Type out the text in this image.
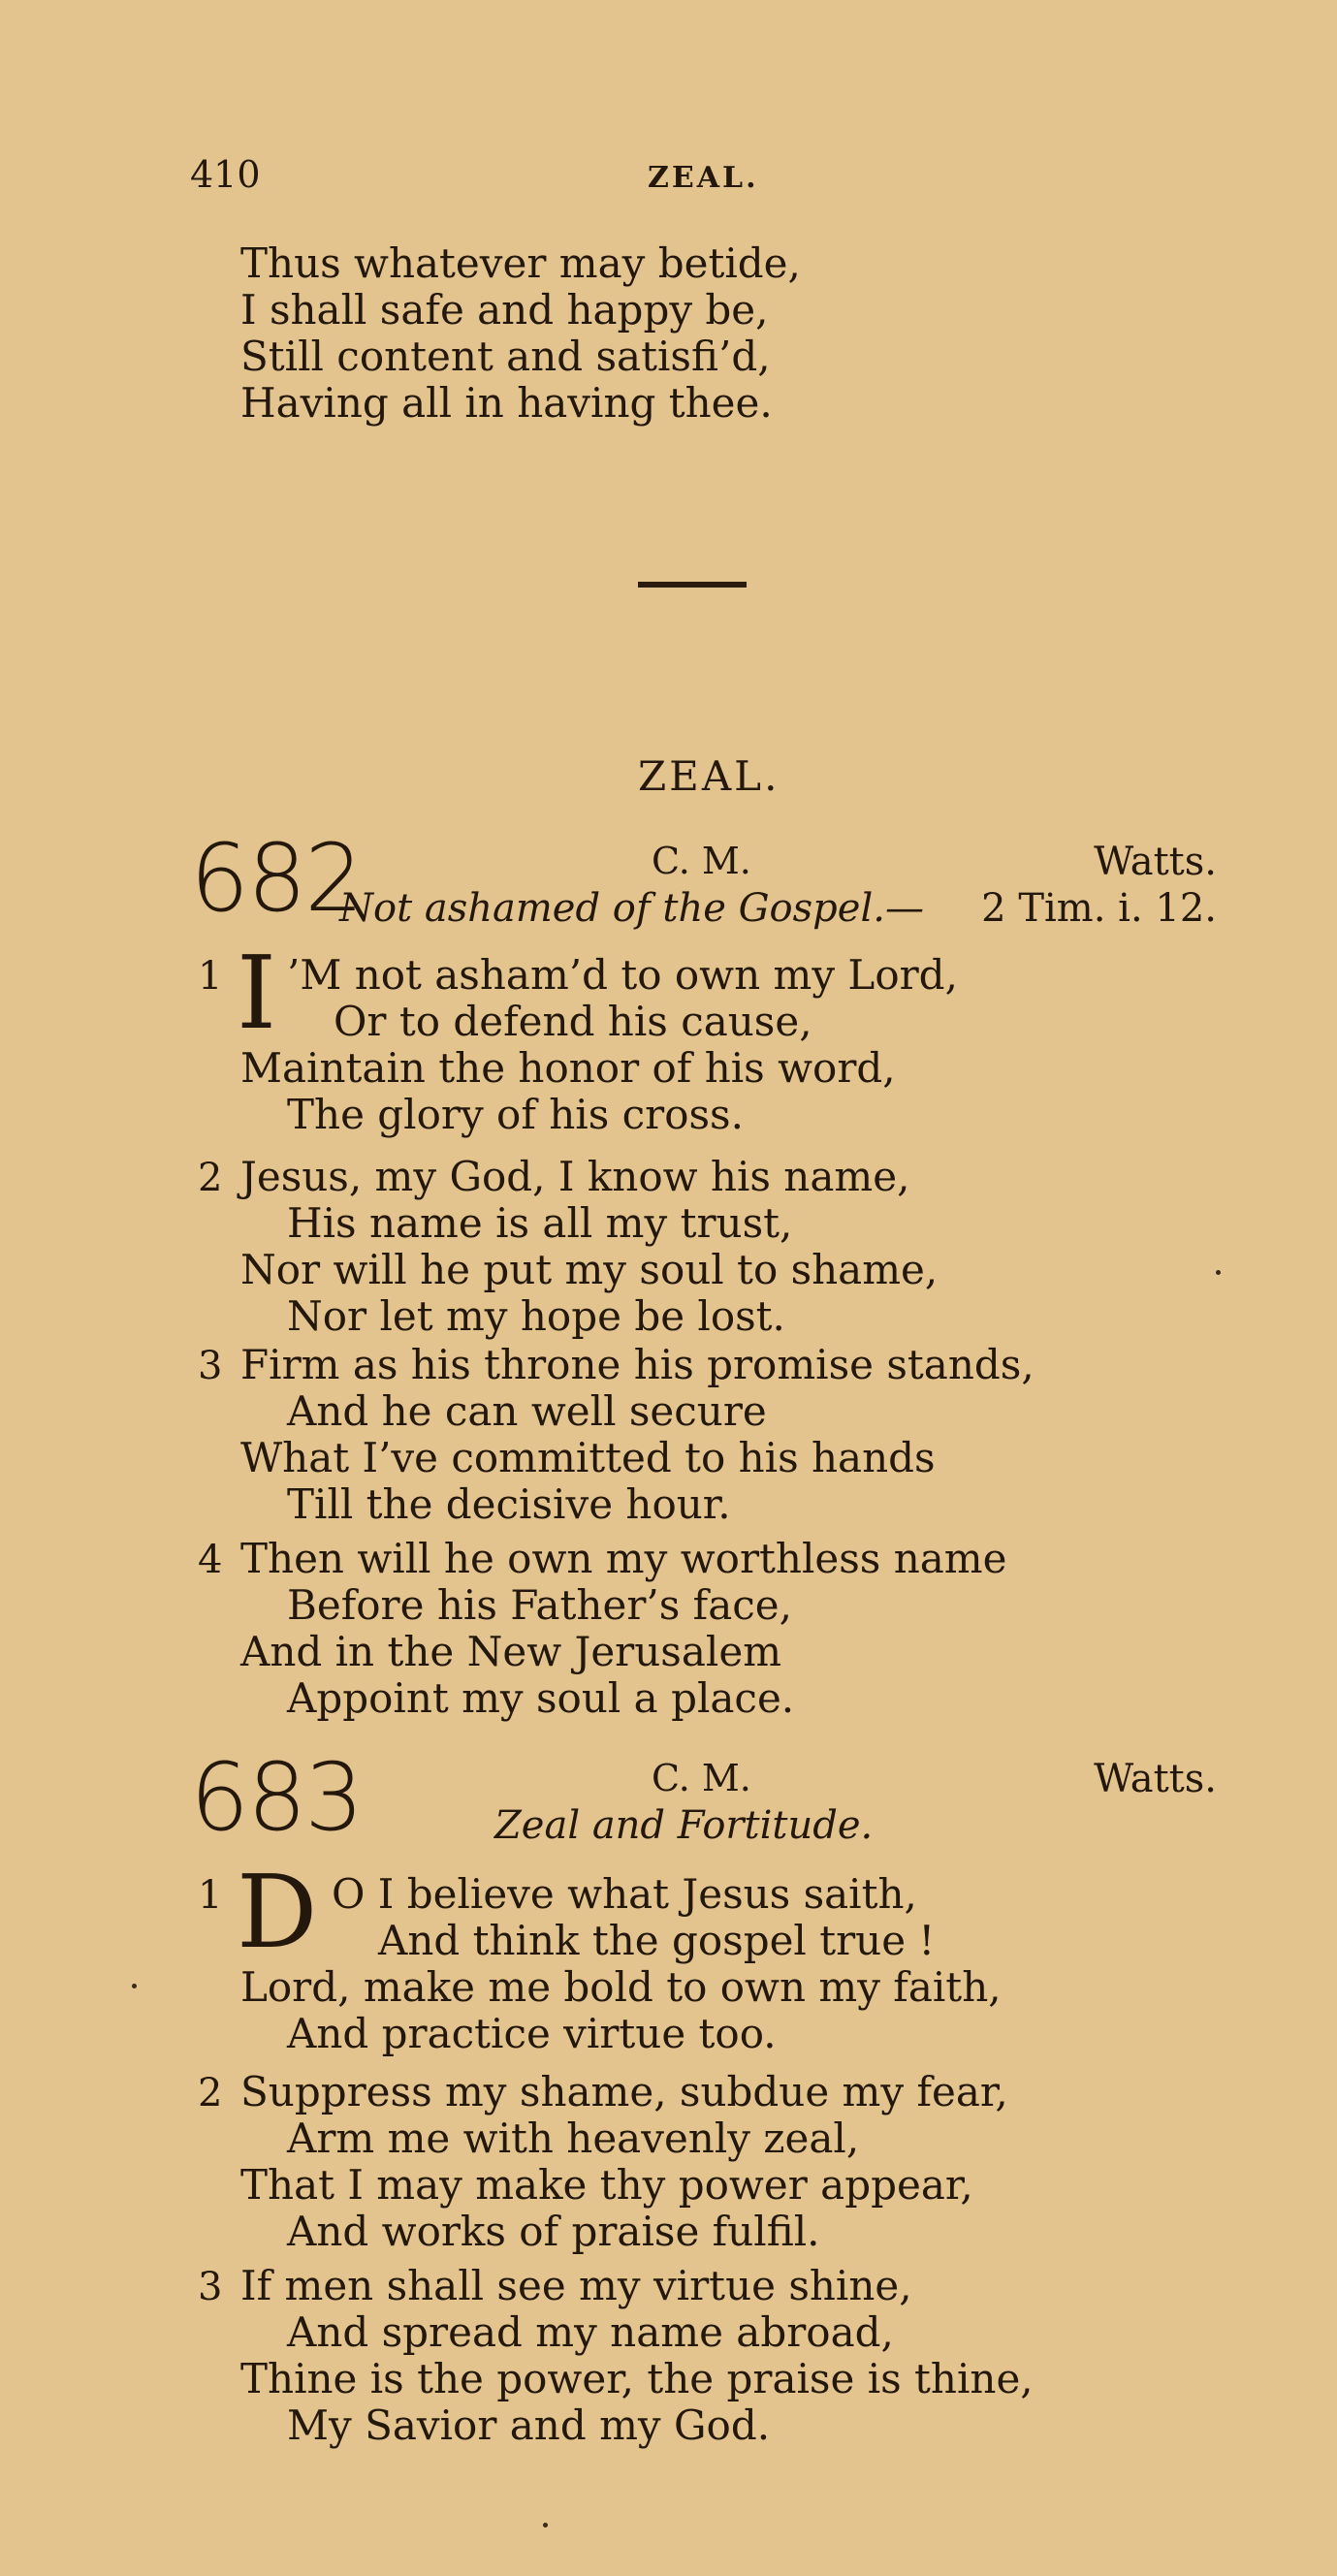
410	ZEAL.
Thus whatever may betide,
I shall safe and happy be,
Still content and satisfi’d,
Having all in having thee.
ZEAL.
682	C. M.	Watts.
Not ashamed of the Gospel.— 2 Tim. i. 12.
1 I ’M not asham’d to own my Lord,
Or to defend his cause,
Maintain the honor of his word,
The glory of his cross.
2 Jesus, my God, I know his name,
His name is all my trust,
Nor will he put my soul to shame,
Nor let my hope be lost.
3 Firm as his throne his promise stands,
And he can well secure
What I’ve committed to his hands
Till the decisive hour.
4 Then will he own my worthless name
Before his Father’s face,
And in the New Jerusalem
Appoint my soul a place.
683	C. M.	Watts.
Zeal and Fortitude.
1 D O I believe what Jesus saith,
And think the gospel true !
Lord, make me bold to own my faith,
And practice virtue too.
2 Suppress my shame, subdue my fear,
Arm me with heavenly zeal,
That I may make thy power appear,
And works of praise fulfil.
3 If men shall see my virtue shine,
And spread my name abroad,
Thine is the power, the praise is thine,
My Savior and my God.
